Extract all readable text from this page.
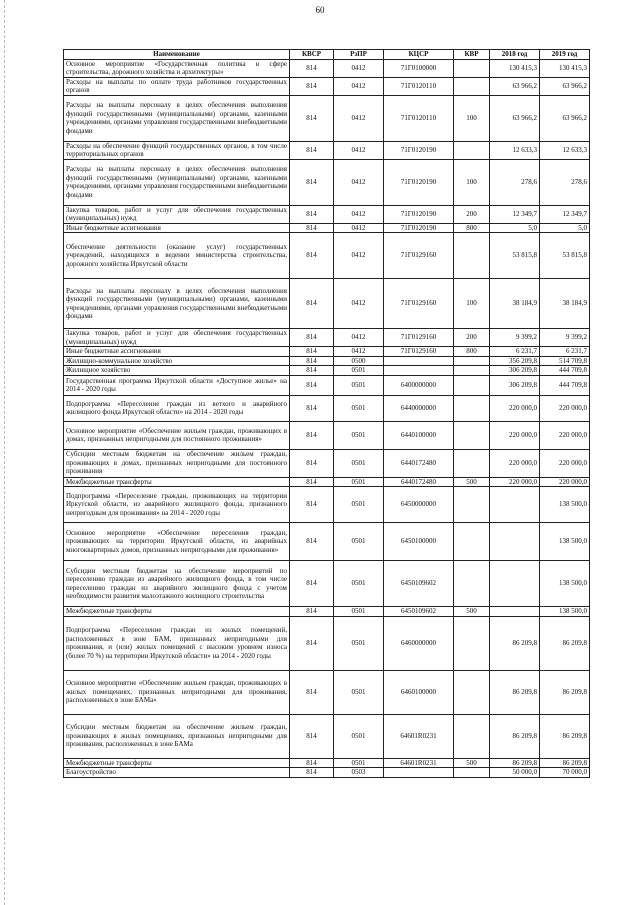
60
Наименование	КВСР	РзПР	КЦСР	КВР	2018 год	2019 год
Основное мероприятие «Государственная политика в сфере строительства, дорожного хозяйства и архитектуры»	814	0412	71Г0100000		130 415,3	130 415,3
Расходы на выплаты по оплате труда работников государственных органов	814	0412	71Г0120110		63 966,2	63 966,2
Расходы на выплаты персоналу в целях обеспечения выполнения функций государственными (муниципальными) органами, казенными учреждениями, органами управления государственными внебюджетными фондами	814	0412	71Г0120110	100	63 966,2	63 966,2
Расходы на обеспечение функций государственных органов, в том числе территориальных органов	814	0412	71Г0120190		12 633,3	12 633,3
Расходы на выплаты персоналу в целях обеспечения выполнения функций государственными (муниципальными) органами, казенными учреждениями, органами управления государственными внебюджетными фондами	814	0412	71Г0120190	100	278,6	278,6
Закупка товаров, работ и услуг для обеспечения государственных (муниципальных) нужд	814	0412	71Г0120190	200	12 349,7	12 349,7
Иные бюджетные ассигнования	814	0412	71Г0120190	800	5,0	5,0
Обеспечение деятельности (оказание услуг) государственных учреждений, находящихся в ведении министерства строительства, дорожного хозяйства Иркутской области	814	0412	71Г0129160		53 815,8	53 815,8
Расходы на выплаты персоналу в целях обеспечения выполнения функций государственными (муниципальными) органами, казенными учреждениями, органами управления государственными внебюджетными фондами	814	0412	71Г0129160	100	38 184,9	38 184,9
Закупка товаров, работ и услуг для обеспечения государственных (муниципальных) нужд	814	0412	71Г0129160	200	9 399,2	9 399,2
Иные бюджетные ассигнования	814	0412	71Г0129160	800	6 231,7	6 231,7
Жилищно-коммунальное хозяйство	814	0500			356 209,8	514 709,8
Жилищное хозяйство	814	0501			306 209,8	444 709,8
Государственная программа Иркутской области «Доступное жилье» на 2014 - 2020 годы	814	0501	6400000000		306 209,8	444 709,8
Подпрограмма «Переселение граждан из ветхого и аварийного жилищного фонда Иркутской области» на 2014 - 2020 годы	814	0501	6440000000		220 000,0	220 000,0
Основное мероприятие «Обеспечение жильем граждан, проживающих в домах, признанных непригодными для постоянного проживания»	814	0501	6440100000		220 000,0	220 000,0
Субсидии местным бюджетам на обеспечение жильем граждан, проживающих в домах, признанных непригодными для постоянного проживания	814	0501	6440172480		220 000,0	220 000,0
Межбюджетные трансферты	814	0501	6440172480	500	220 000,0	220 000,0
Подпрограмма «Переселение граждан, проживающих на территории Иркутской области, из аварийного жилищного фонда, признанного непригодным для проживания» на 2014 - 2020 годы	814	0501	6450000000			138 500,0
Основное мероприятие «Обеспечение переселения граждан, проживающих на территории Иркутской области, из аварийных многоквартирных домов, признанных непригодными для проживания»	814	0501	6450100000			138 500,0
Субсидии местным бюджетам на обеспечение мероприятий по переселению граждан из аварийного жилищного фонда, в том числе переселению граждан из аварийного жилищного фонда с учетом необходимости развития малоэтажного жилищного строительства	814	0501	6450109602			138 500,0
Межбюджетные трансферты	814	0501	6450109602	500		138 500,0
Подпрограмма «Переселение граждан из жилых помещений, расположенных в зоне БАМ, признанных непригодными для проживания, и (или) жилых помещений с высоким уровнем износа (более 70 %) на территории Иркутской области» на 2014 - 2020 годы	814	0501	6460000000		86 209,8	86 209,8
Основное мероприятие «Обеспечение жильем граждан, проживающих в жилых помещениях, признанных непригодными для проживания, расположенных в зоне БАМа»	814	0501	6460100000		86 209,8	86 209,8
Субсидии местным бюджетам на обеспечение жильем граждан, проживающих в жилых помещениях, признанных непригодными для проживания, расположенных в зоне БАМа	814	0501	64601R0231		86 209,8	86 209,8
Межбюджетные трансферты	814	0501	64601R0231	500	86 209,8	86 209,8
Благоустройство	814	0503			50 000,0	70 000,0
